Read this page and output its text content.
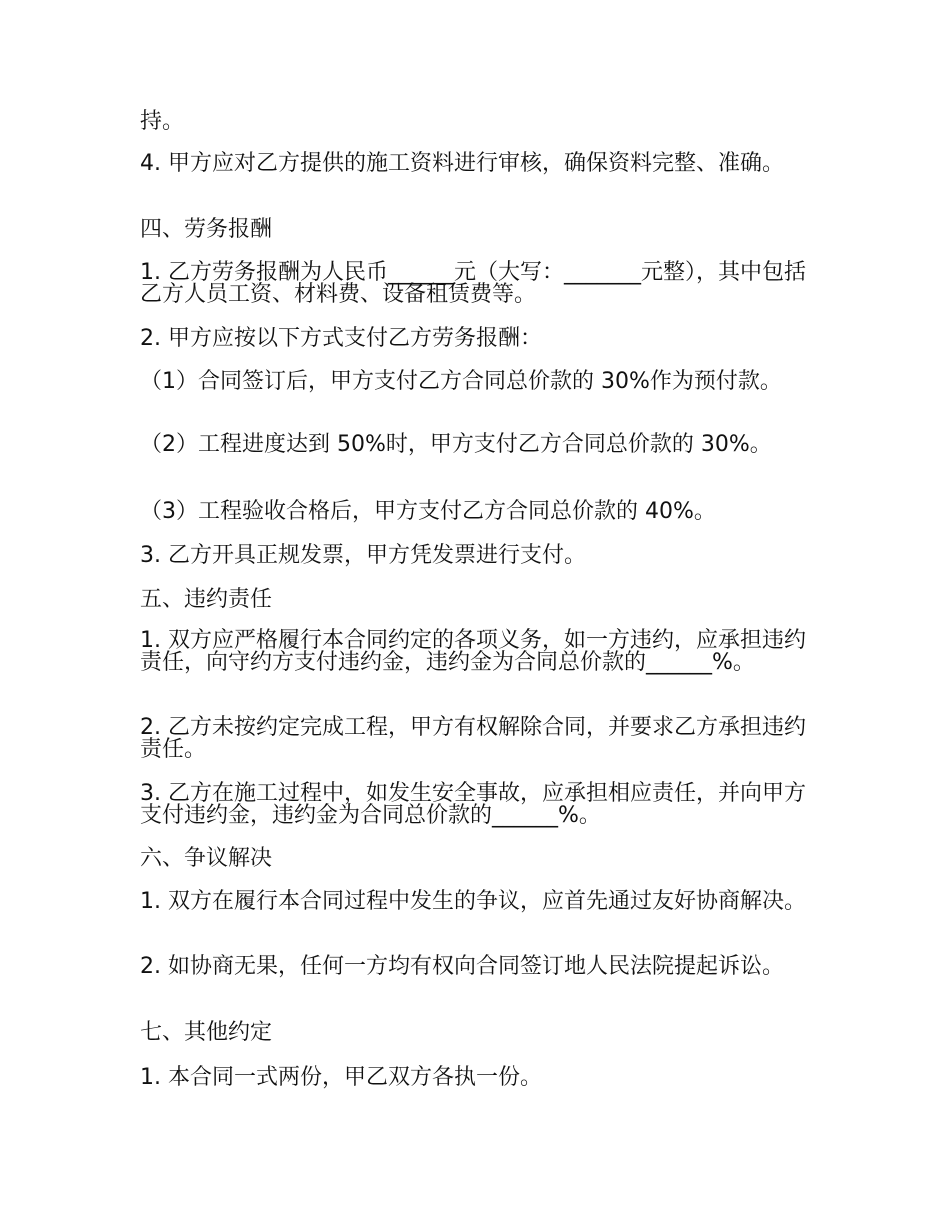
持。

4. 甲方应对乙方提供的施工资料进行审核，确保资料完整、准确。

四、劳务报酬

1. 乙方劳务报酬为人民币______元（大写：_______元整），其中包括乙方人员工资、材料费、设备租赁费等。

2. 甲方应按以下方式支付乙方劳务报酬：

（1）合同签订后，甲方支付乙方合同总价款的 30%作为预付款。

（2）工程进度达到 50%时，甲方支付乙方合同总价款的 30%。

（3）工程验收合格后，甲方支付乙方合同总价款的 40%。

3. 乙方开具正规发票，甲方凭发票进行支付。

五、违约责任

1. 双方应严格履行本合同约定的各项义务，如一方违约，应承担违约责任，向守约方支付违约金，违约金为合同总价款的______%。

2. 乙方未按约定完成工程，甲方有权解除合同，并要求乙方承担违约责任。

3. 乙方在施工过程中，如发生安全事故，应承担相应责任，并向甲方支付违约金，违约金为合同总价款的______%。

六、争议解决

1. 双方在履行本合同过程中发生的争议，应首先通过友好协商解决。

2. 如协商无果，任何一方均有权向合同签订地人民法院提起诉讼。

七、其他约定

1. 本合同一式两份，甲乙双方各执一份。
